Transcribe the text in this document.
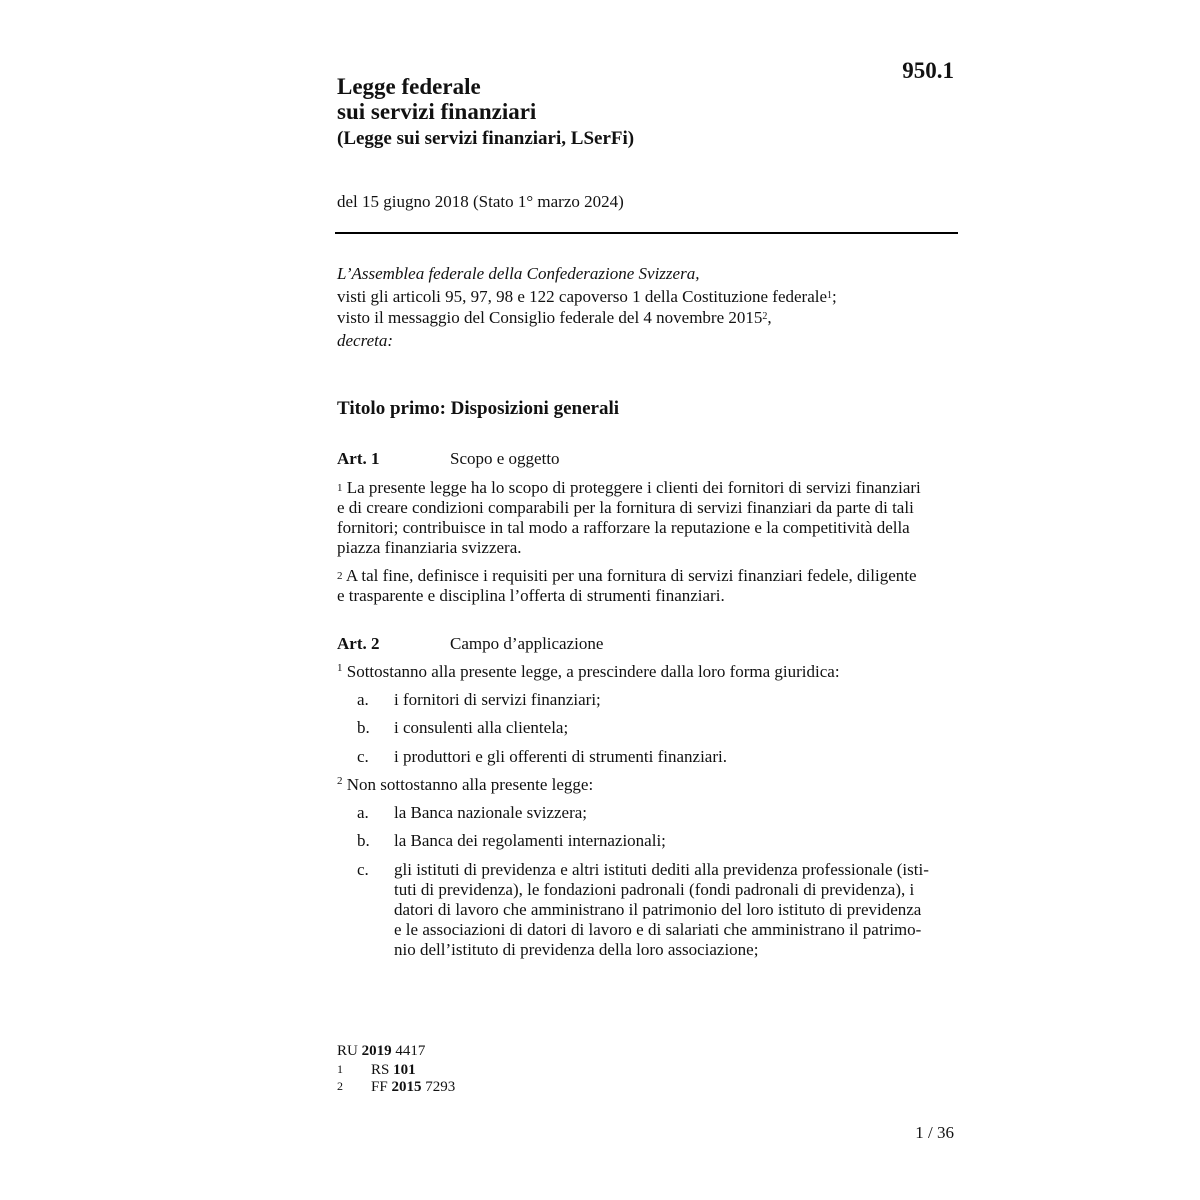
950.1
Legge federale
sui servizi finanziari
(Legge sui servizi finanziari, LSerFi)
del 15 giugno 2018 (Stato 1° marzo 2024)
L’Assemblea federale della Confederazione Svizzera,
visti gli articoli 95, 97, 98 e 122 capoverso 1 della Costituzione federale$^1$;
visto il messaggio del Consiglio federale del 4 novembre 2015$^2$,
decreta:
Titolo primo: Disposizioni generali
Art. 1	Scopo e oggetto
$^1$ La presente legge ha lo scopo di proteggere i clienti dei fornitori di servizi finanziari
e di creare condizioni comparabili per la fornitura di servizi finanziari da parte di tali
fornitori; contribuisce in tal modo a rafforzare la reputazione e la competitività della
piazza finanziaria svizzera.
$^2$ A tal fine, definisce i requisiti per una fornitura di servizi finanziari fedele, diligente
e trasparente e disciplina l’offerta di strumenti finanziari.
Art. 2	Campo d’applicazione
$^1$ Sottostanno alla presente legge, a prescindere dalla loro forma giuridica:
a. i fornitori di servizi finanziari;
b. i consulenti alla clientela;
c. i produttori e gli offerenti di strumenti finanziari.
$^2$ Non sottostanno alla presente legge:
a. la Banca nazionale svizzera;
b. la Banca dei regolamenti internazionali;
c. gli istituti di previdenza e altri istituti dediti alla previdenza professionale (isti-
tuti di previdenza), le fondazioni padronali (fondi padronali di previdenza), i
datori di lavoro che amministrano il patrimonio del loro istituto di previdenza
e le associazioni di datori di lavoro e di salariati che amministrano il patrimo-
nio dell’istituto di previdenza della loro associazione;
RU 2019 4417
1 RS 101
2 FF 2015 7293
1 / 36
